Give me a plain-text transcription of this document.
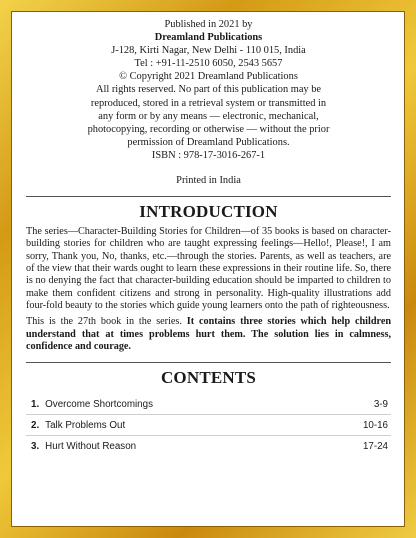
Published in 2021 by
Dreamland Publications
J-128, Kirti Nagar, New Delhi - 110 015, India
Tel : +91-11-2510 6050, 2543 5657
© Copyright 2021 Dreamland Publications
All rights reserved. No part of this publication may be
reproduced, stored in a retrieval system or transmitted in
any form or by any means — electronic, mechanical,
photocopying, recording or otherwise — without the prior
permission of Dreamland Publications.
ISBN : 978-17-3016-267-1
Printed in India
INTRODUCTION

The series—Character-Building Stories for Children—of 35 books is based on character-building stories for children who are taught expressing feelings—Hello!, Please!, I am sorry, Thank you, No, thanks, etc.—through the stories. Parents, as well as teachers, are of the view that their wards ought to learn these expressions in their routine life. So, there is no denying the fact that character-building education should be imparted to children to make them confident citizens and strong in personality. High-quality illustrations add four-fold beauty to the stories which guide young learners onto the path of righteousness.

This is the 27th book in the series. It contains three stories which help children understand that at times problems hurt them. The solution lies in calmness, confidence and courage.

CONTENTS
1. Overcome Shortcomings	3-9
2. Talk Problems Out	10-16
3. Hurt Without Reason	17-24
